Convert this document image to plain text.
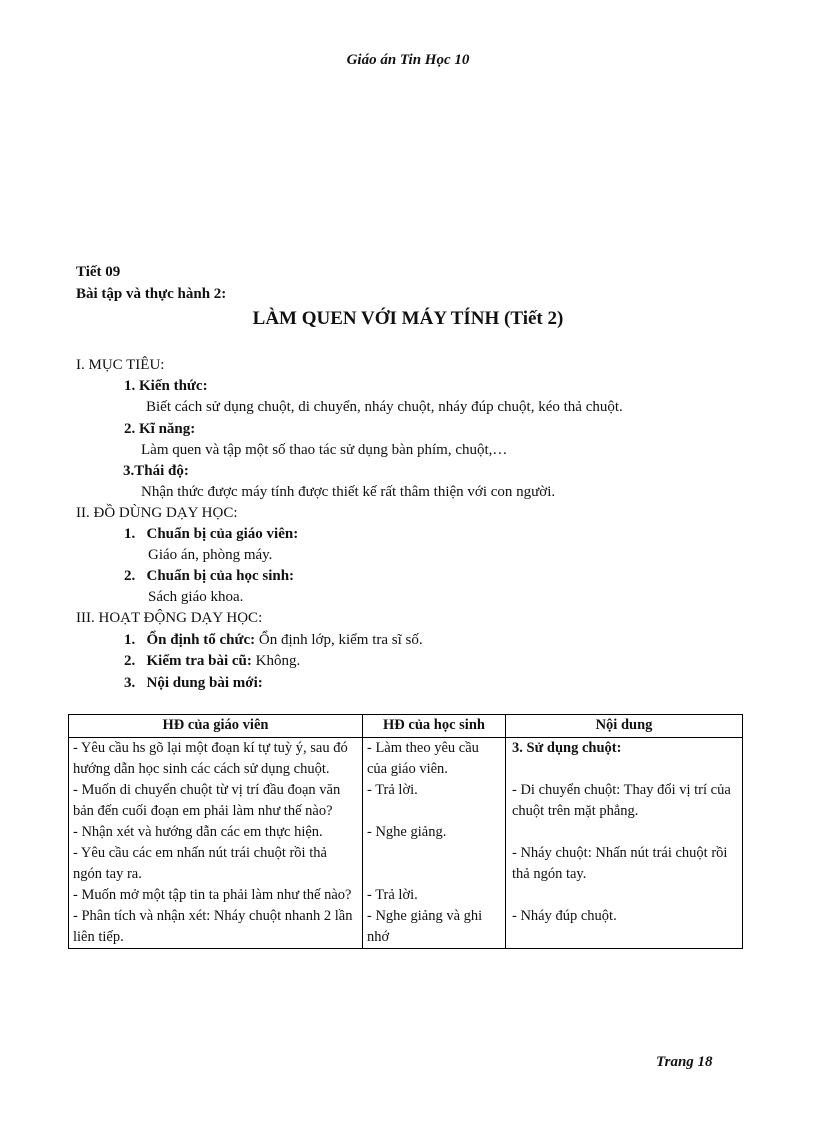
Giáo án Tin Học 10
Tiết 09
Bài tập và thực hành 2:
LÀM QUEN VỚI MÁY TÍNH (Tiết 2)
I. MỤC TIÊU:
1. Kiến thức:
Biết cách sử dụng chuột, di chuyển, nháy chuột, nháy đúp chuột, kéo thả chuột.
2. Kĩ năng:
Làm quen và tập một số thao tác sử dụng bàn phím, chuột,…
3.Thái độ:
Nhận thức được máy tính được thiết kế rất thâm thiện với con người.
II. ĐỒ DÙNG DẠY HỌC:
1.   Chuẩn bị của giáo viên:
Giáo án, phòng máy.
2.   Chuẩn bị của học sinh:
Sách giáo khoa.
III. HOẠT ĐỘNG DẠY HỌC:
1.   Ổn định tổ chức: Ổn định lớp, kiểm tra sĩ số.
2.   Kiểm tra bài cũ: Không.
3.   Nội dung bài mới:
HĐ của giáo viên	HĐ của học sinh	Nội dung
- Yêu cầu hs gõ lại một đoạn kí tự tuỳ ý, sau đó hướng dẫn học sinh các cách sử dụng chuột.	- Làm theo yêu cầu của giáo viên.	3. Sử dụng chuột:
- Muốn di chuyển chuột từ vị trí đầu đoạn văn bản đến cuối đoạn em phải làm như thế nào?	- Trả lời.	- Di chuyển chuột: Thay đổi vị trí của chuột trên mặt phẳng.
- Nhận xét và hướng dẫn các em thực hiện.	- Nghe giảng.	
- Yêu cầu các em nhấn nút trái chuột rồi thả ngón tay ra.		- Nháy chuột: Nhấn nút trái chuột rồi thả ngón tay.
- Muốn mở một tập tin ta phải làm như thế nào?	- Trả lời.	
- Phân tích và nhận xét: Nháy chuột nhanh 2 lần liên tiếp.	- Nghe giảng và ghi nhớ	- Nháy đúp chuột.
Trang 18
